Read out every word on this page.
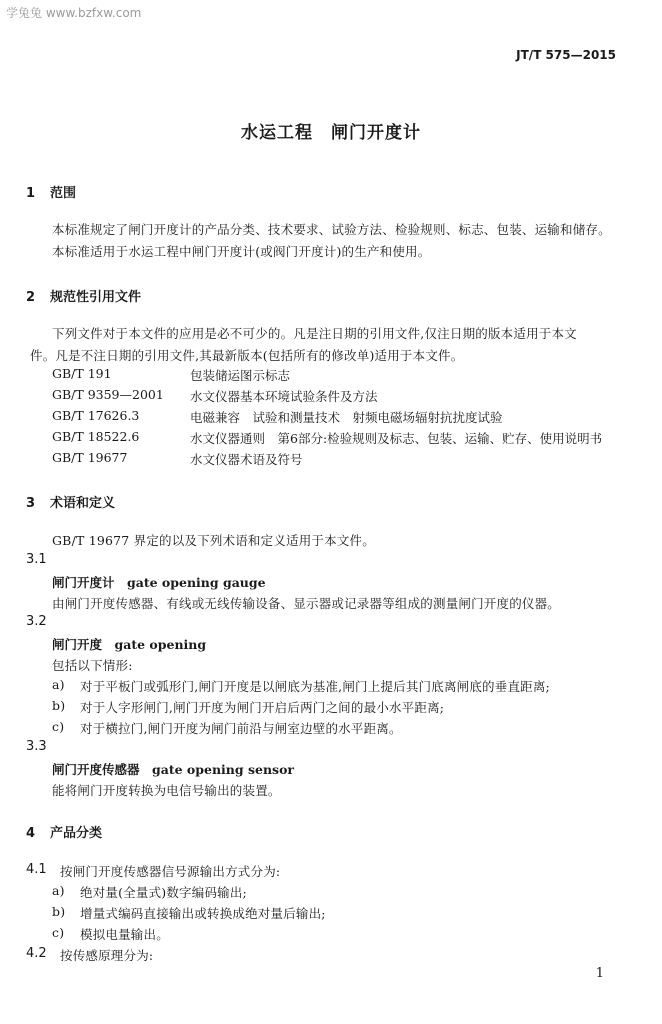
学兔兔 www.bzfxw.com
JT/T 575—2015
水运工程　闸门开度计
1 范围
本标准规定了闸门开度计的产品分类、技术要求、试验方法、检验规则、标志、包装、运输和储存。
本标准适用于水运工程中闸门开度计(或阀门开度计)的生产和使用。
2 规范性引用文件
下列文件对于本文件的应用是必不可少的。凡是注日期的引用文件,仅注日期的版本适用于本文
件。凡是不注日期的引用文件,其最新版本(包括所有的修改单)适用于本文件。
GB/T 191	包装储运图示标志
GB/T 9359—2001 水文仪器基本环境试验条件及方法
GB/T 17626.3	电磁兼容　试验和测量技术　射频电磁场辐射抗扰度试验
GB/T 18522.6	水文仪器通则　第6部分:检验规则及标志、包装、运输、贮存、使用说明书
GB/T 19677	水文仪器术语及符号
3 术语和定义
GB/T 19677 界定的以及下列术语和定义适用于本文件。
3.1
闸门开度计　gate opening gauge
由闸门开度传感器、有线或无线传输设备、显示器或记录器等组成的测量闸门开度的仪器。
3.2
闸门开度　gate opening
包括以下情形:
a) 对于平板门或弧形门,闸门开度是以闸底为基准,闸门上提后其门底离闸底的垂直距离;
b) 对于人字形闸门,闸门开度为闸门开启后两门之间的最小水平距离;
c) 对于横拉门,闸门开度为闸门前沿与闸室边壁的水平距离。
3.3
闸门开度传感器　gate opening sensor
能将闸门开度转换为电信号输出的装置。
4 产品分类
4.1 按闸门开度传感器信号源输出方式分为:
a) 绝对量(全量式)数字编码输出;
b) 增量式编码直接输出或转换成绝对量后输出;
c) 模拟电量输出。
4.2 按传感原理分为:
1
